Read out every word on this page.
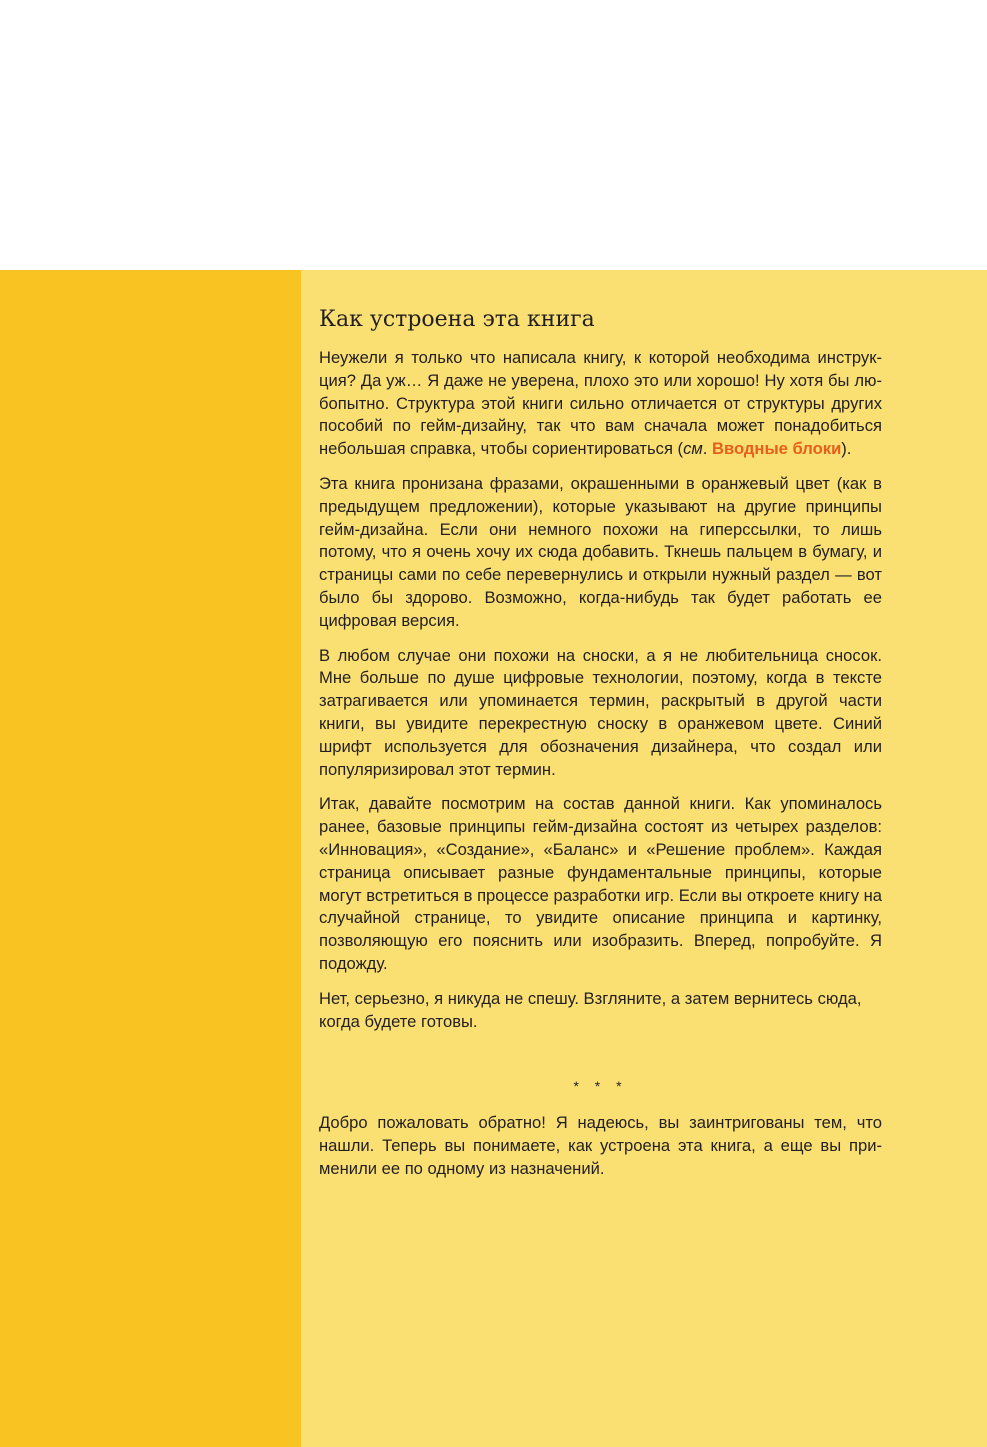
Как устроена эта книга

Неужели я только что написала книгу, к которой необходима инструкция? Да уж… Я даже не уверена, плохо это или хорошо! Ну хотя бы любопытно. Структура этой книги сильно отличается от структуры других пособий по гейм-дизайну, так что вам сначала может понадобиться небольшая справка, чтобы сориентироваться (см. Вводные блоки).

Эта книга пронизана фразами, окрашенными в оранжевый цвет (как в предыдущем предложении), которые указывают на другие принципы гейм-дизайна. Если они немного похожи на гиперссылки, то лишь потому, что я очень хочу их сюда добавить. Ткнешь пальцем в бумагу, и страницы сами по себе перевернулись и открыли нужный раздел — вот было бы здорово. Возможно, когда-нибудь так будет работать ее цифровая версия.

В любом случае они похожи на сноски, а я не любительница сносок. Мне больше по душе цифровые технологии, поэтому, когда в тексте затрагивается или упоминается термин, раскрытый в другой части книги, вы увидите перекрестную сноску в оранжевом цвете. Синий шрифт используется для обозначения дизайнера, что создал или популяризировал этот термин.

Итак, давайте посмотрим на состав данной книги. Как упоминалось ранее, базовые принципы гейм-дизайна состоят из четырех разделов: «Инновация», «Создание», «Баланс» и «Решение проблем». Каждая страница описывает разные фундаментальные принципы, которые могут встретиться в процессе разработки игр. Если вы откроете книгу на случайной странице, то увидите описание принципа и картинку, позволяющую его пояснить или изобразить. Вперед, попробуйте. Я подожду.

Нет, серьезно, я никуда не спешу. Взгляните, а затем вернитесь сюда, когда будете готовы.

* * *

Добро пожаловать обратно! Я надеюсь, вы заинтригованы тем, что нашли. Теперь вы понимаете, как устроена эта книга, а еще вы применили ее по одному из назначений.
